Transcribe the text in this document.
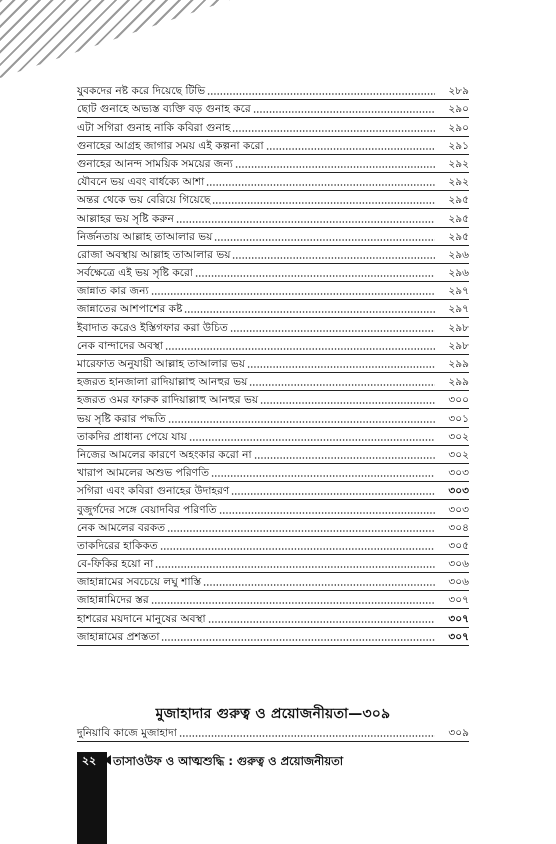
যুবকদের নষ্ট করে দিয়েছে টিভি	২৮৯
ছোট গুনাহে অভ্যস্ত ব্যক্তি বড় গুনাহ করে	২৯০
এটা সগিরা গুনাহ নাকি কবিরা গুনাহ	২৯০
গুনাহের আগ্রহ জাগার সময় এই কল্পনা করো	২৯১
গুনাহের আনন্দ সাময়িক সময়ের জন্য	২৯২
যৌবনে ভয় এবং বার্ধক্যে আশা	২৯২
অন্তর থেকে ভয় বেরিয়ে গিয়েছে	২৯৫
আল্লাহর ভয় সৃষ্টি করুন	২৯৫
নির্জনতায় আল্লাহ তাআলার ভয়	২৯৫
রোজা অবস্থায় আল্লাহ তাআলার ভয়	২৯৬
সর্বক্ষেত্রে এই ভয় সৃষ্টি করো	২৯৬
জান্নাত কার জন্য	২৯৭
জান্নাতের আশপাশের কষ্ট	২৯৭
ইবাদাত করেও ইস্তিগফার করা উচিত	২৯৮
নেক বান্দাদের অবস্থা	২৯৮
মারেফাত অনুযায়ী আল্লাহ তাআলার ভয়	২৯৯
হজরত হানজালা রাদিয়াল্লাহু আনহুর ভয়	২৯৯
হজরত ওমর ফারুক রাদিয়াল্লাহু আনহুর ভয়	৩০০
ভয় সৃষ্টি করার পদ্ধতি	৩০১
তাকদির প্রাধান্য পেয়ে যায়	৩০২
নিজের আমলের কারণে অহংকার করো না	৩০২
খারাপ আমলের অশুভ পরিণতি	৩০৩
সগিরা এবং কবিরা গুনাহের উদাহরণ	৩০৩
বুজুর্গদের সঙ্গে বেয়াদবির পরিণতি	৩০৩
নেক আমলের বরকত	৩০৪
তাকদিরের হাকিকত	৩০৫
বে-ফিকির হয়ো না	৩০৬
জাহান্নামের সবচেয়ে লঘু শাস্তি	৩০৬
জাহান্নামিদের স্তর	৩০৭
হাশরের ময়দানে মানুষের অবস্থা	৩০৭
জাহান্নামের প্রশস্ততা	৩০৭
মুজাহাদার গুরুত্ব ও প্রয়োজনীয়তা—৩০৯
দুনিয়াবি কাজে মুজাহাদা	৩০৯
২২	তাসাওউফ ও আত্মশুদ্ধি : গুরুত্ব ও প্রয়োজনীয়তা
